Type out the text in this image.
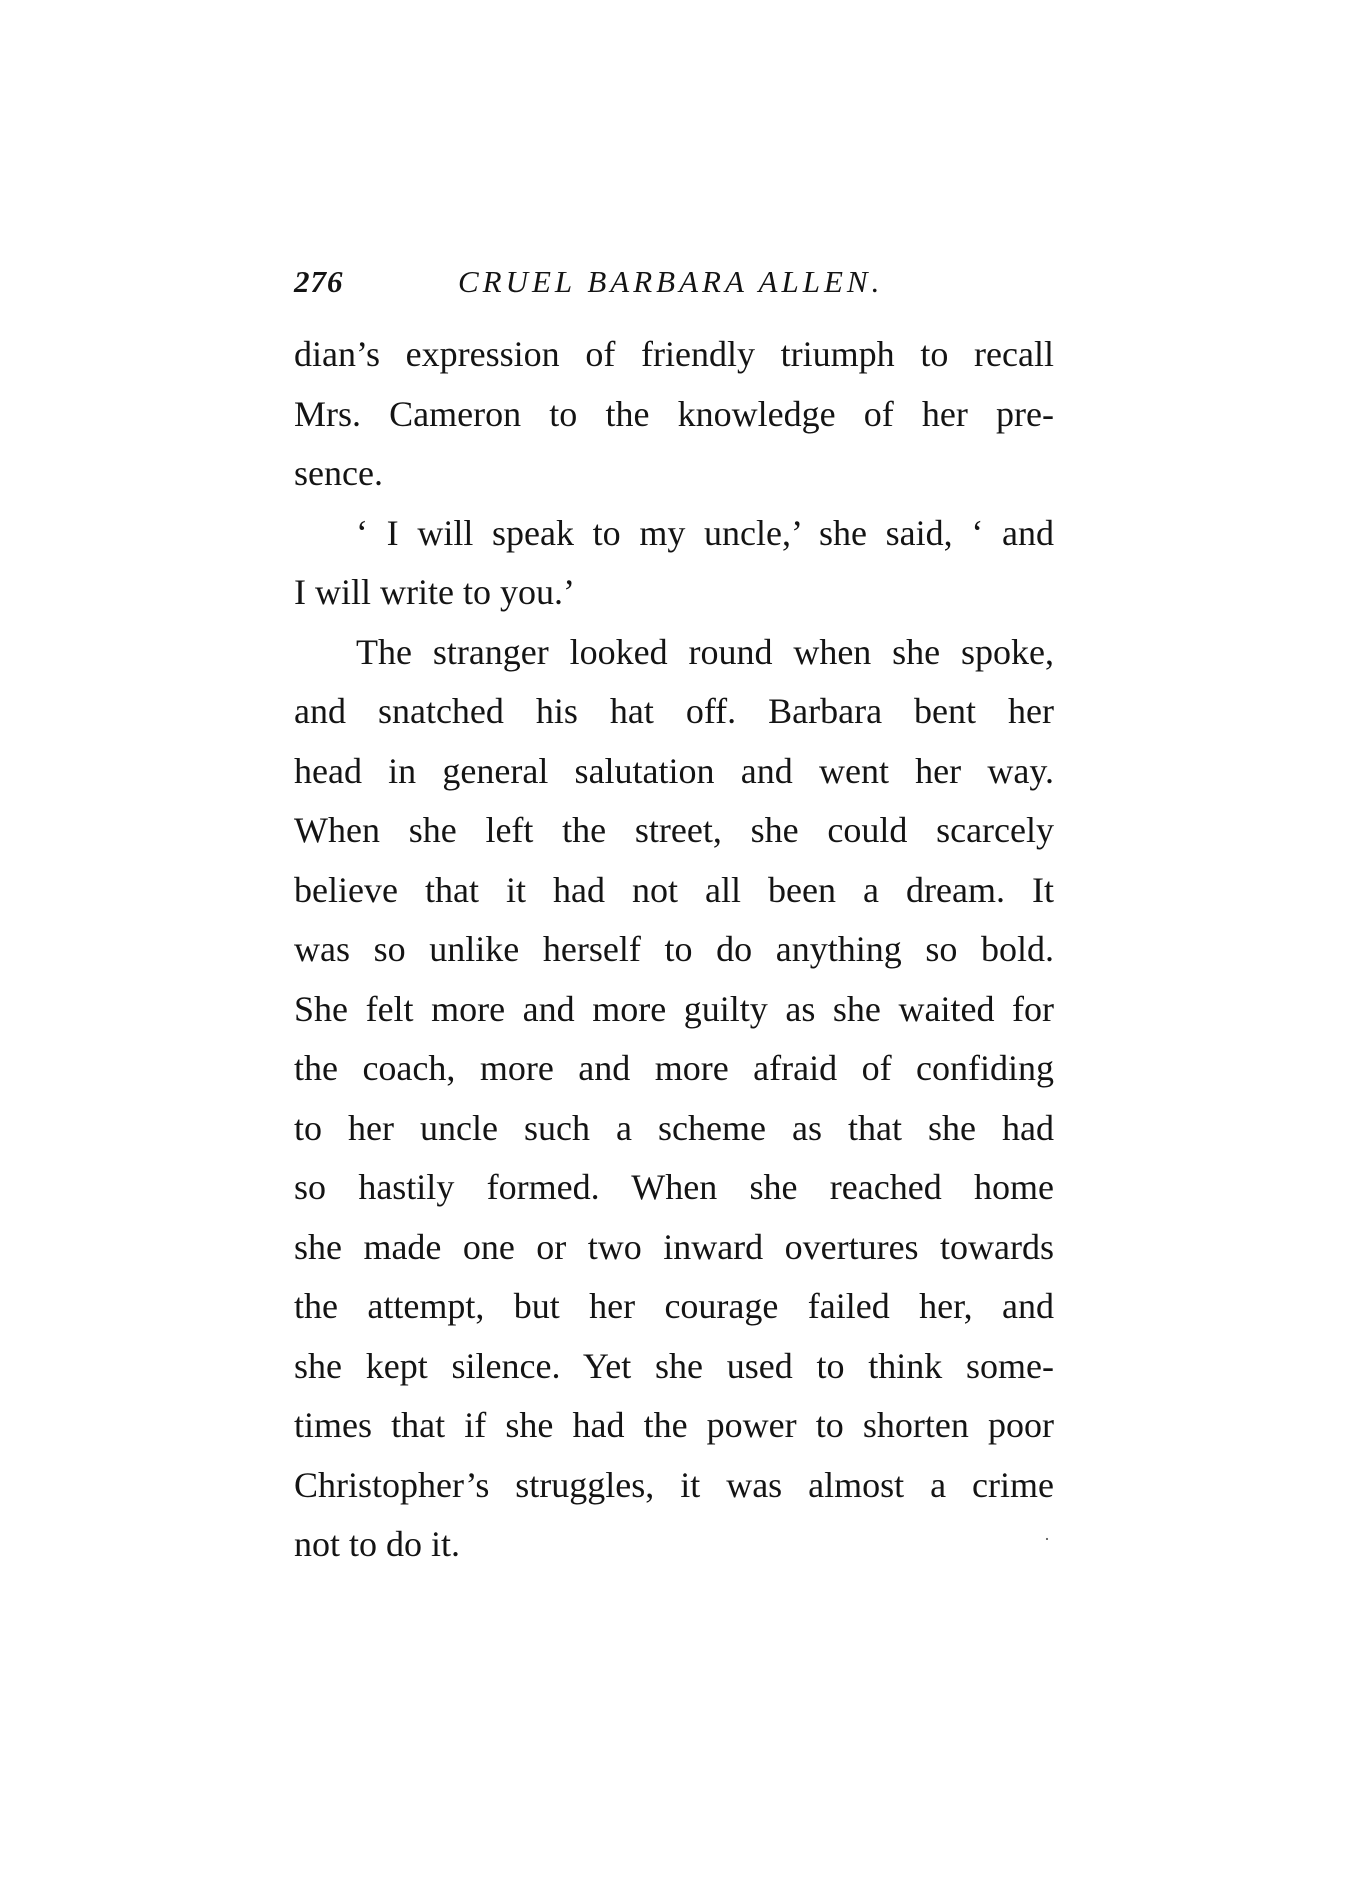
276	CRUEL BARBARA ALLEN.

dian’s expression of friendly triumph to recall
Mrs. Cameron to the knowledge of her pre-
sence.

‘ I will speak to my uncle,’ she said, ‘ and
I will write to you.’

The stranger looked round when she spoke,
and snatched his hat off. Barbara bent her
head in general salutation and went her way.
When she left the street, she could scarcely
believe that it had not all been a dream. It
was so unlike herself to do anything so bold.
She felt more and more guilty as she waited for
the coach, more and more afraid of confiding
to her uncle such a scheme as that she had
so hastily formed. When she reached home
she made one or two inward overtures towards
the attempt, but her courage failed her, and
she kept silence. Yet she used to think some-
times that if she had the power to shorten poor
Christopher’s struggles, it was almost a crime
not to do it.	·
